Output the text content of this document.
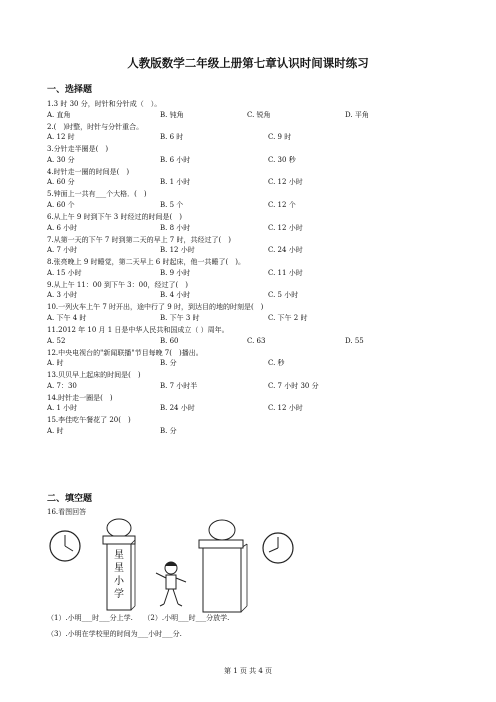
人教版数学二年级上册第七章认识时间课时练习
一、选择题
1.3 时 30 分，时针和分针成（　）。
A. 直角	B. 钝角	C. 锐角	D. 平角
2.(　)时整，时针与分针重合。
A. 12 时	B. 6 时	C. 9 时
3.分针走半圈是(　)
A. 30 分	B. 6 小时	C. 30 秒
4.时针走一圈的时间是(　)
A. 60 分	B. 1 小时	C. 12 小时
5.钟面上一共有___个大格．(　)
A. 60 个	B. 5 个	C. 12 个
6.从上午 9 时到下午 3 时经过的时间是(　)
A. 6 小时	B. 8 小时	C. 12 小时
7.从第一天的下午 7 时到第二天的早上 7 时，共经过了(　)
A. 7 小时	B. 12 小时	C. 24 小时
8.张亮晚上 9 时睡觉，第二天早上 6 时起床，他一共睡了(　)。
A. 15 小时	B. 9 小时	C. 11 小时
9.从上午 11：00 到下午 3：00，经过了(　)
A. 3 小时	B. 4 小时	C. 5 小时
10.一列火车上午 7 时开出，途中行了 9 时，到达目的地的时刻是(　)
A. 下午 4 时	B. 下午 3 时	C. 下午 2 时
11.2012 年 10 月 1 日是中华人民共和国成立（ ）周年。
A. 52	B. 60	C. 63	D. 55
12.中央电视台的"新闻联播"节目每晚 7(　)播出。
A. 时	B. 分	C. 秒
13.贝贝早上起床的时间是(　)
A. 7：30	B. 7 小时半	C. 7 小时 30 分
14.时针走一圈是(　)
A. 1 小时	B. 24 小时	C. 12 小时
15.李佳吃午餐花了 20(　)
A. 时	B. 分
二、填空题
16.看图回答
星
星
小
学
（1）.小明___时___分上学.　　（2）.小明___时___分放学.
（3）.小明在学校里的时间为___小时___分.
第 1 页 共 4 页
